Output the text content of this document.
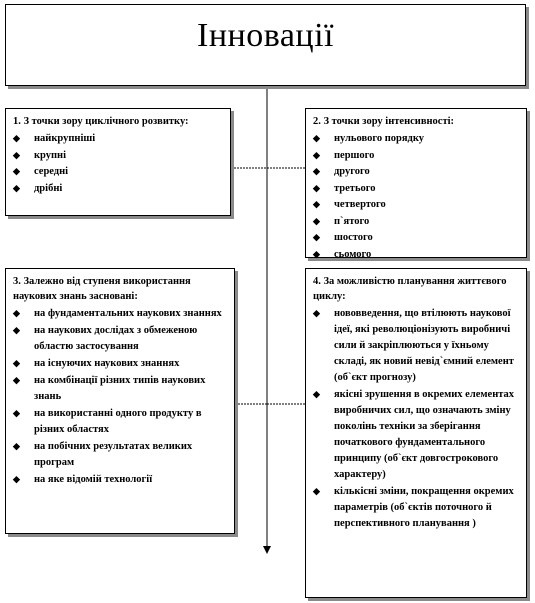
Інновації
1. З точки зору циклічного розвитку:
◆ найкрупніші
◆ крупні
◆ середні
◆ дрібні
2. З точки зору інтенсивності:
◆ нульового порядку
◆ першого
◆ другого
◆ третього
◆ четвертого
◆ п`ятого
◆ шостого
◆ сьомого
3. Залежно від ступеня використання наукових знань засновані:
◆ на фундаментальних наукових знаннях
◆ на наукових дослідах з обмеженою областю застосування
◆ на існуючих наукових знаннях
◆ на комбінації різних типів наукових знань
◆ на використанні одного продукту в різних областях
◆ на побічних результатах великих програм
◆ на яке відомій технології
4. За можливістю планування життєвого циклу:
◆ нововведення, що втілюють наукової ідеї, які революціонізують виробничі сили й закріплюються у їхньому складі, як новий невід`ємний елемент (об`єкт прогнозу)
◆ якісні зрушення в окремих елементах виробничих сил, що означають зміну поколінь техніки за зберігання початкового фундаментального принципу (об`єкт довгострокового характеру)
◆ кількісні зміни, покращення окремих параметрів (об`єктів поточного й перспективного планування )
